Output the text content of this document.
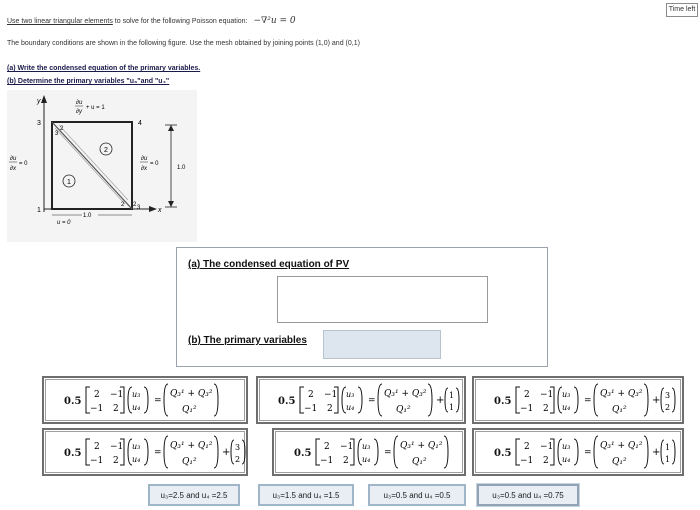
Time left
Use two linear triangular elements to solve for the following Poisson equation: −∇²u = 0
The boundary conditions are shown in the following figure. Use the mesh obtained by joining points (1,0) and (0,1)
(a) Write the condensed equation of the primary variables.
(b) Determine the primary variables "u₃"and "u₄"
y
x
3
1
4
2
3
2
2 3
1
2
∂u
∂y
+ u = 1
∂u
∂x
= 0
∂u
∂x
= 0
1.0
1.0
u = 0
(a) The condensed equation of PV
(b) The primary variables
0.5
2 −1
−1 2
u₃
u₄
=
Q₃¹ + Q₃²
Q₁²
0.5
2 −1
−1 2
u₃
u₄
=
Q₃¹ + Q₃²
Q₁²
+ 1
1
0.5
2 −1
−1 2
u₃
u₄
=
Q₃¹ + Q₃²
Q₁²
+ 3
2
0.5
2 −1
−1 2
u₃
u₄
=
Q₃¹ + Q₁²
Q₁²
+ 3
2
0.5
2 −1
−1 2
u₃
u₄
=
Q₃¹ + Q₁²
Q₁²
0.5
2 −1
−1 2
u₃
u₄
=
Q₃¹ + Q₁²
Q₁²
+ 1
1
u₃=2.5 and u₄ =2.5	u₃=1.5 and u₄ =1.5	u₃=0.5 and u₄ =0.5	u₃=0.5 and u₄ =0.75
